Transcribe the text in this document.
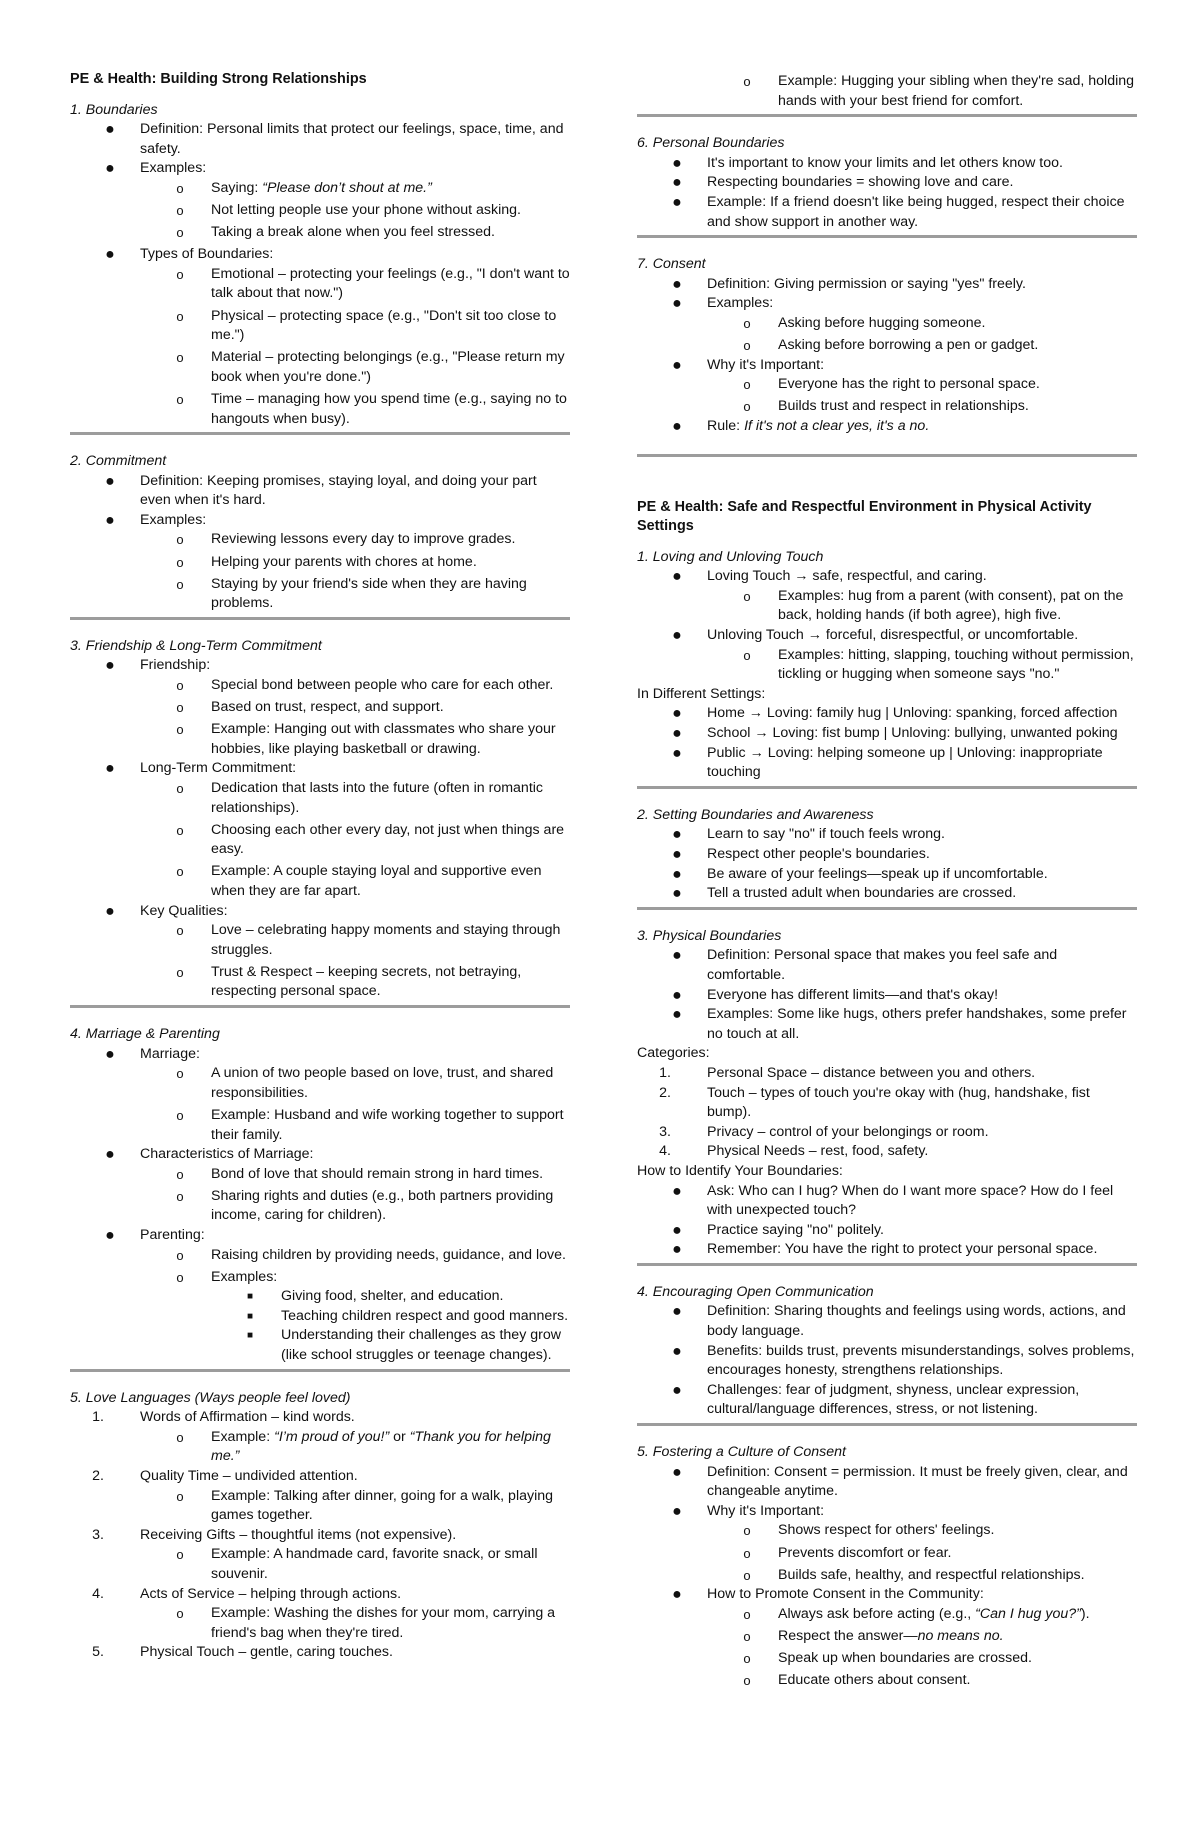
PE & Health: Building Strong Relationships
1. Boundaries
●	Definition: Personal limits that protect our feelings, space, time, and safety.
●	Examples:
o	Saying: “Please don’t shout at me.”
o	Not letting people use your phone without asking.
o	Taking a break alone when you feel stressed.
●	Types of Boundaries:
o	Emotional – protecting your feelings (e.g., "I don't want to talk about that now.")
o	Physical – protecting space (e.g., "Don't sit too close to me.")
o	Material – protecting belongings (e.g., "Please return my book when you're done.")
o	Time – managing how you spend time (e.g., saying no to hangouts when busy).
2. Commitment
●	Definition: Keeping promises, staying loyal, and doing your part even when it's hard.
●	Examples:
o	Reviewing lessons every day to improve grades.
o	Helping your parents with chores at home.
o	Staying by your friend's side when they are having problems.
3. Friendship & Long-Term Commitment
●	Friendship:
o	Special bond between people who care for each other.
o	Based on trust, respect, and support.
o	Example: Hanging out with classmates who share your hobbies, like playing basketball or drawing.
●	Long-Term Commitment:
o	Dedication that lasts into the future (often in romantic relationships).
o	Choosing each other every day, not just when things are easy.
o	Example: A couple staying loyal and supportive even when they are far apart.
●	Key Qualities:
o	Love – celebrating happy moments and staying through struggles.
o	Trust & Respect – keeping secrets, not betraying, respecting personal space.
4. Marriage & Parenting
●	Marriage:
o	A union of two people based on love, trust, and shared responsibilities.
o	Example: Husband and wife working together to support their family.
●	Characteristics of Marriage:
o	Bond of love that should remain strong in hard times.
o	Sharing rights and duties (e.g., both partners providing income, caring for children).
●	Parenting:
o	Raising children by providing needs, guidance, and love.
o	Examples:
■	Giving food, shelter, and education.
■	Teaching children respect and good manners.
■	Understanding their challenges as they grow (like school struggles or teenage changes).
5. Love Languages (Ways people feel loved)
1.	Words of Affirmation – kind words.
o	Example: “I’m proud of you!” or “Thank you for helping me.”
2.	Quality Time – undivided attention.
o	Example: Talking after dinner, going for a walk, playing games together.
3.	Receiving Gifts – thoughtful items (not expensive).
o	Example: A handmade card, favorite snack, or small souvenir.
4.	Acts of Service – helping through actions.
o	Example: Washing the dishes for your mom, carrying a friend's bag when they're tired.
5.	Physical Touch – gentle, caring touches.
o	Example: Hugging your sibling when they're sad, holding hands with your best friend for comfort.
6. Personal Boundaries
●	It's important to know your limits and let others know too.
●	Respecting boundaries = showing love and care.
●	Example: If a friend doesn't like being hugged, respect their choice and show support in another way.
7. Consent
●	Definition: Giving permission or saying "yes" freely.
●	Examples:
o	Asking before hugging someone.
o	Asking before borrowing a pen or gadget.
●	Why it's Important:
o	Everyone has the right to personal space.
o	Builds trust and respect in relationships.
●	Rule: If it's not a clear yes, it's a no.
PE & Health: Safe and Respectful Environment in Physical Activity Settings
1. Loving and Unloving Touch
●	Loving Touch → safe, respectful, and caring.
o	Examples: hug from a parent (with consent), pat on the back, holding hands (if both agree), high five.
●	Unloving Touch → forceful, disrespectful, or uncomfortable.
o	Examples: hitting, slapping, touching without permission, tickling or hugging when someone says "no."
In Different Settings:
●	Home → Loving: family hug | Unloving: spanking, forced affection
●	School → Loving: fist bump | Unloving: bullying, unwanted poking
●	Public → Loving: helping someone up | Unloving: inappropriate touching
2. Setting Boundaries and Awareness
●	Learn to say "no" if touch feels wrong.
●	Respect other people's boundaries.
●	Be aware of your feelings—speak up if uncomfortable.
●	Tell a trusted adult when boundaries are crossed.
3. Physical Boundaries
●	Definition: Personal space that makes you feel safe and comfortable.
●	Everyone has different limits—and that's okay!
●	Examples: Some like hugs, others prefer handshakes, some prefer no touch at all.
Categories:
1.	Personal Space – distance between you and others.
2.	Touch – types of touch you're okay with (hug, handshake, fist bump).
3.	Privacy – control of your belongings or room.
4.	Physical Needs – rest, food, safety.
How to Identify Your Boundaries:
●	Ask: Who can I hug? When do I want more space? How do I feel with unexpected touch?
●	Practice saying "no" politely.
●	Remember: You have the right to protect your personal space.
4. Encouraging Open Communication
●	Definition: Sharing thoughts and feelings using words, actions, and body language.
●	Benefits: builds trust, prevents misunderstandings, solves problems, encourages honesty, strengthens relationships.
●	Challenges: fear of judgment, shyness, unclear expression, cultural/language differences, stress, or not listening.
5. Fostering a Culture of Consent
●	Definition: Consent = permission. It must be freely given, clear, and changeable anytime.
●	Why it's Important:
o	Shows respect for others' feelings.
o	Prevents discomfort or fear.
o	Builds safe, healthy, and respectful relationships.
●	How to Promote Consent in the Community:
o	Always ask before acting (e.g., “Can I hug you?”).
o	Respect the answer—no means no.
o	Speak up when boundaries are crossed.
o	Educate others about consent.
